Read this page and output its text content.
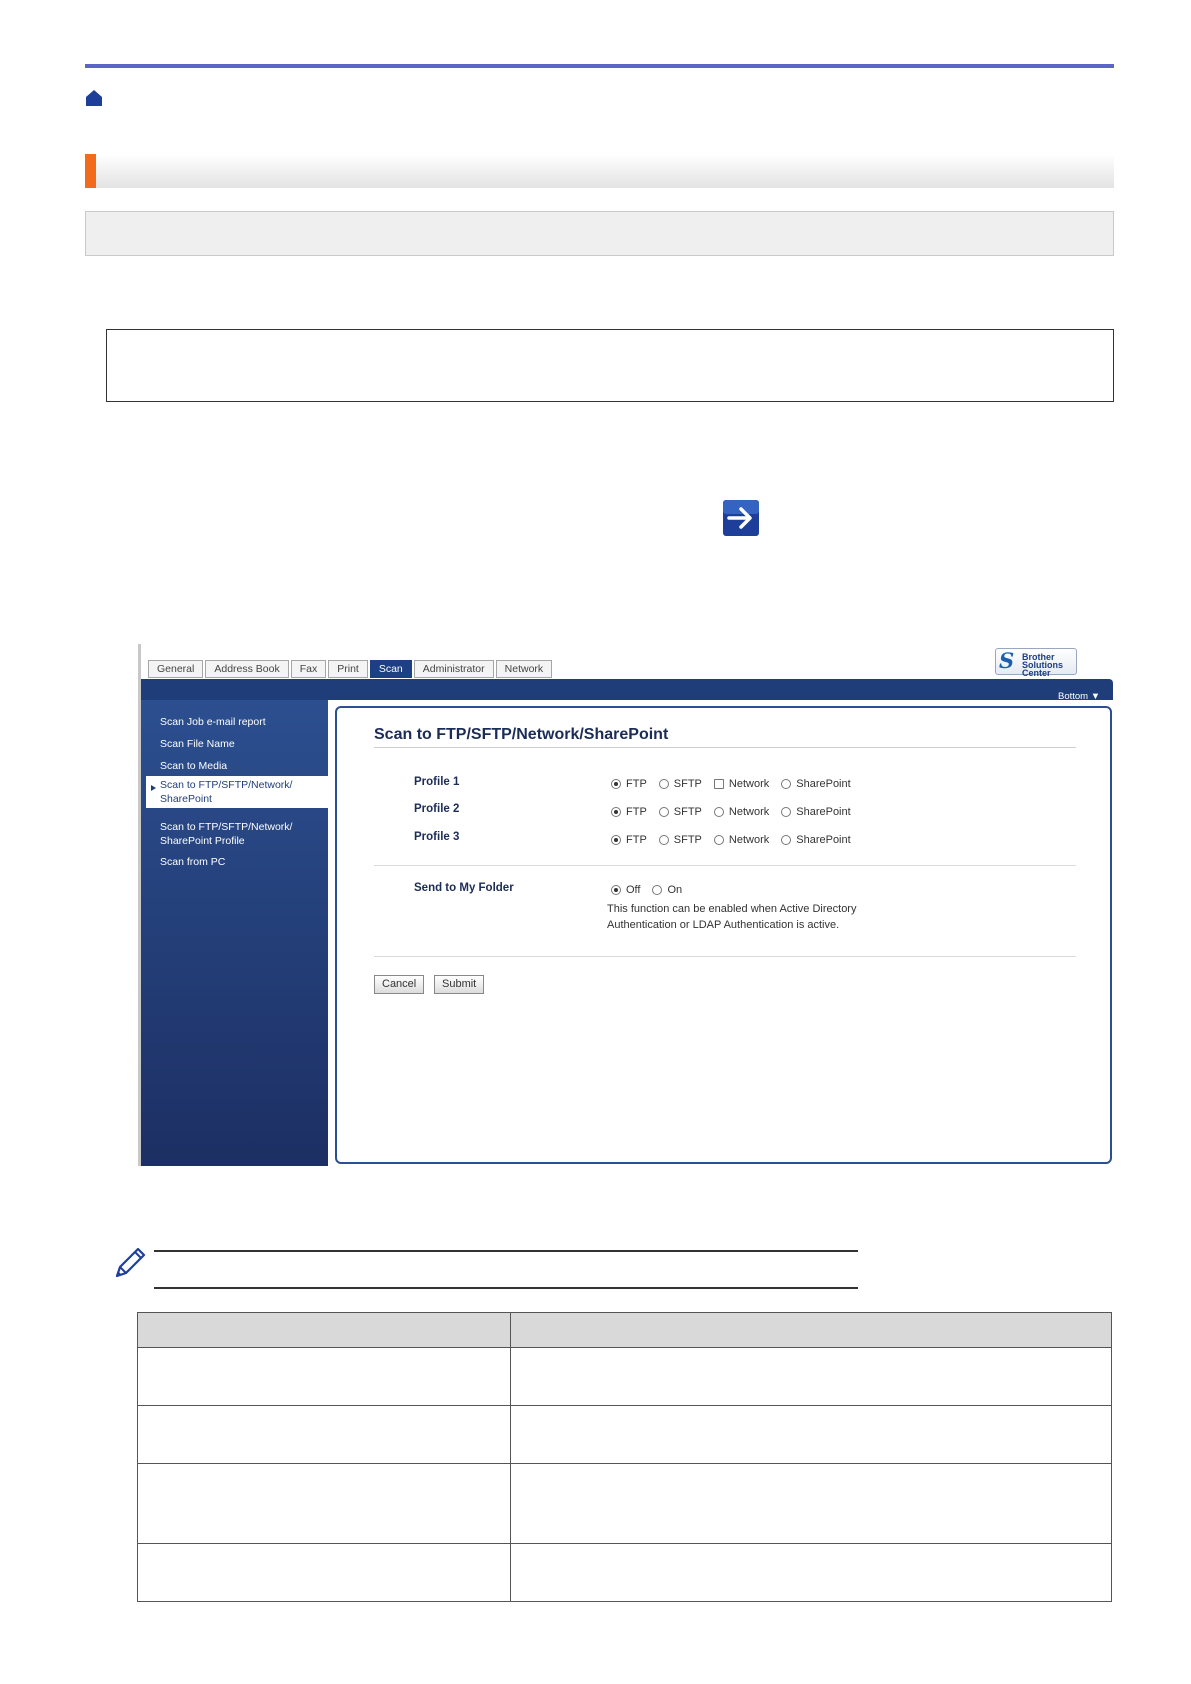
General	Address Book	Fax	Print	Scan	Administrator	Network	S Brother
Solutions Center
Bottom ▼
Scan Job e-mail report
Scan File Name
Scan to Media
Scan to FTP/SFTP/Network/ SharePoint
Scan to FTP/SFTP/Network/ SharePoint Profile
Scan from PC
Scan to FTP/SFTP/Network/SharePoint
Profile 1	FTP SFTP Network SharePoint
Profile 2	FTP SFTP Network SharePoint
Profile 3	FTP SFTP Network SharePoint
Send to My Folder	Off On
This function can be enabled when Active Directory
Authentication or LDAP Authentication is active.
Cancel	Submit
